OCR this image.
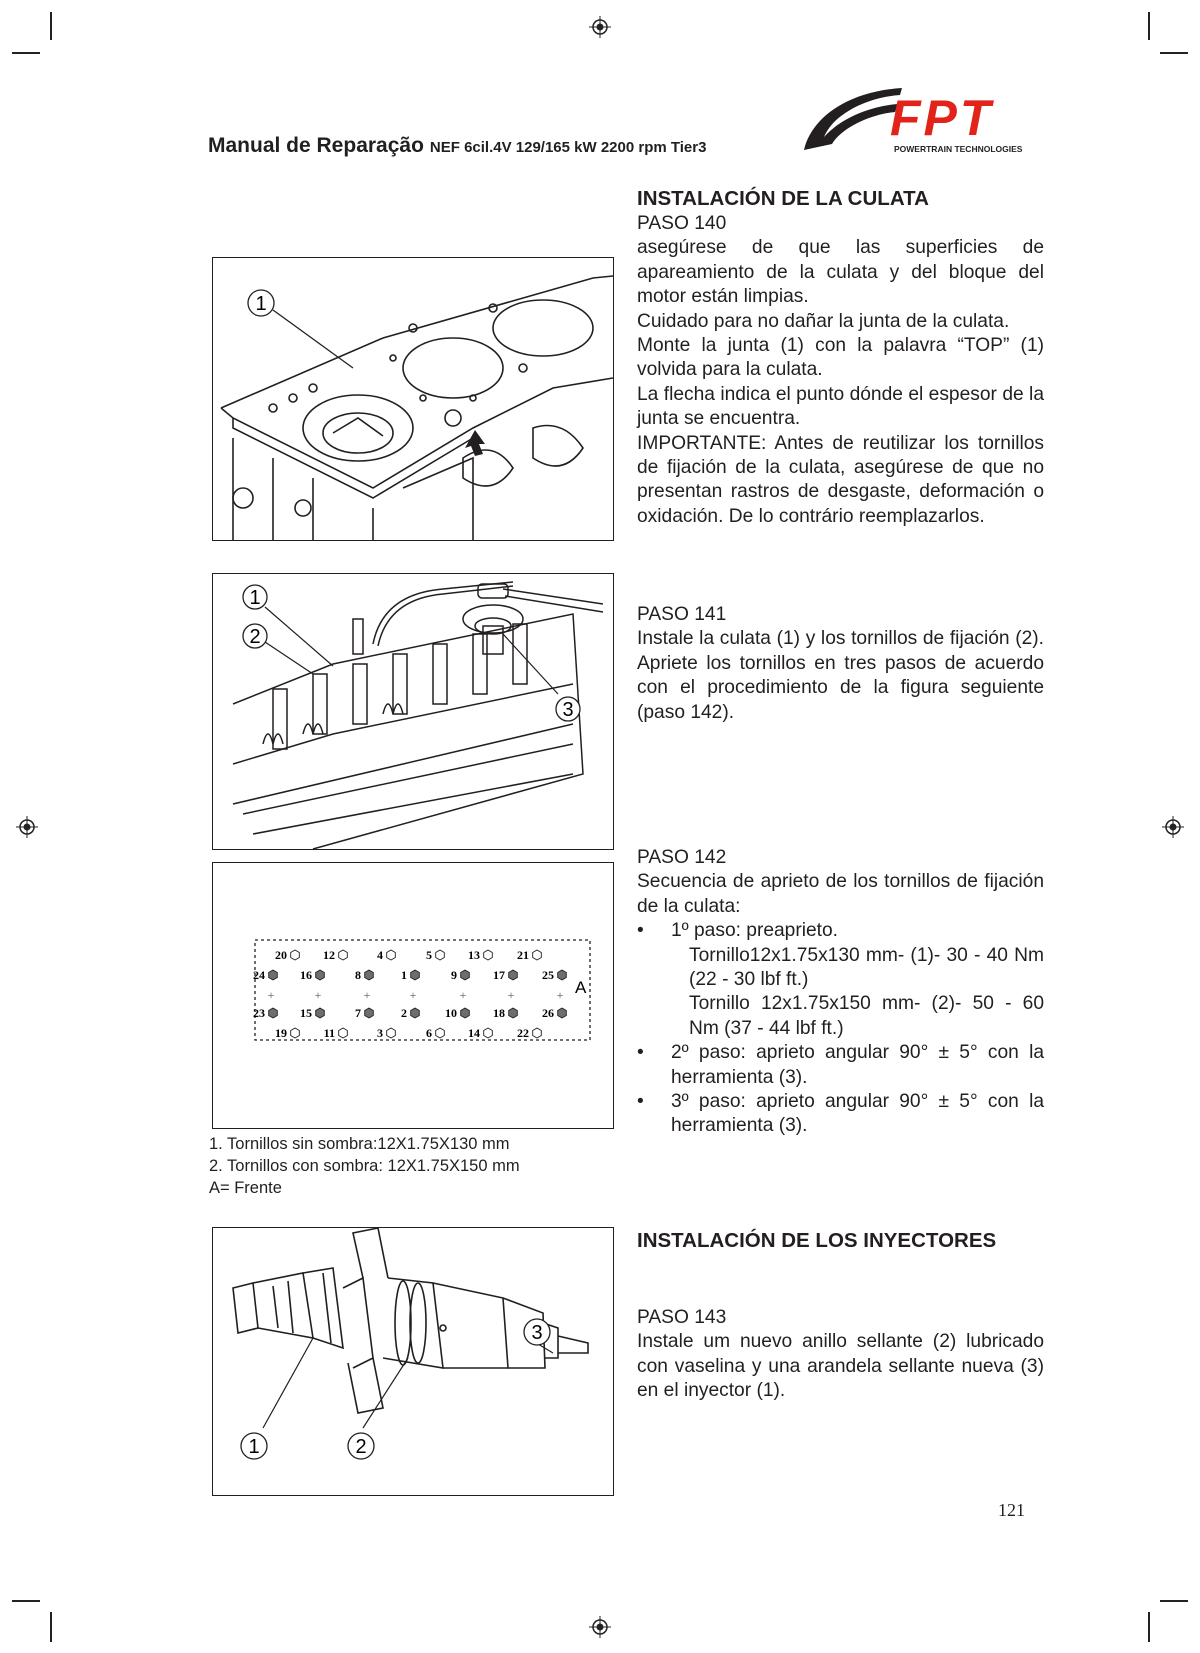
Manual de Reparação NEF 6cil.4V 129/165 kW 2200 rpm Tier3
FPT
POWERTRAIN TECHNOLOGIES

INSTALACIÓN DE LA CULATA

PASO 140

asegúrese de que las superficies de apareamiento de la culata y del bloque del motor están limpias.

Cuidado para no dañar la junta de la culata.

Monte la junta (1) con la palavra “TOP” (1) volvida para la culata.

La flecha indica el punto dónde el espesor de la junta se encuentra.

IMPORTANTE: Antes de reutilizar los tornillos de fijación de la culata, asegúrese de que no presentan rastros de desgaste, deformación o oxidación. De lo contrário reemplazarlos.

PASO 141

Instale la culata (1) y los tornillos de fijación (2). Apriete los tornillos en tres pasos de acuerdo con el procedimiento de la figura seguiente (paso 142).

PASO 142

Secuencia de aprieto de los tornillos de fijación de la culata:

• 1º paso: preaprieto.

Tornillo12x1.75x130 mm- (1)- 30 - 40 Nm (22 - 30 lbf ft.)

Tornillo 12x1.75x150 mm- (2)- 50 - 60 Nm (37 - 44 lbf ft.)

• 2º paso: aprieto angular 90° ± 5° con la herramienta (3).

• 3º paso: aprieto angular 90° ± 5° con la herramienta (3).

INSTALACIÓN DE LOS INYECTORES

PASO 143

Instale um nuevo anillo sellante (2) lubricado con vaselina y una arandela sellante nueva (3) en el inyector (1).

1
1
2
3
20	12	4	5	13	21
24	16	8	1	9	17	25
23	15	7	2	10	18	26
19	11	3	6	14	22
+	+	+	+	+	+	+ A
1. Tornillos sin sombra:12X1.75X130 mm
2. Tornillos con sombra: 12X1.75X150 mm
A= Frente
1	2
3
121
